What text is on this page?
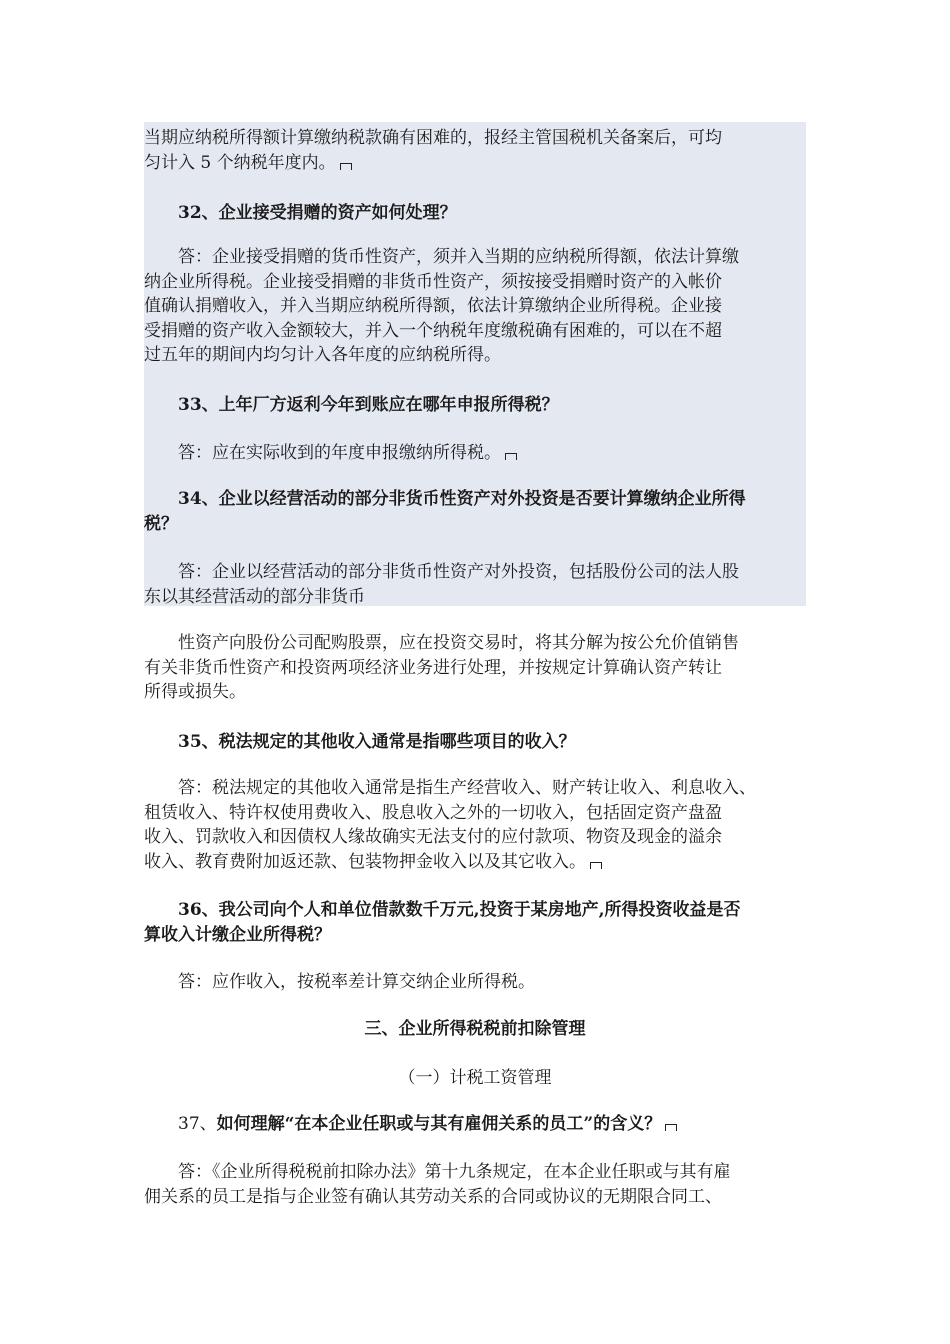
当期应纳税所得额计算缴纳税款确有困难的，报经主管国税机关备案后，可均
匀计入 5 个纳税年度内。

32、企业接受捐赠的资产如何处理？

答：企业接受捐赠的货币性资产，须并入当期的应纳税所得额，依法计算缴
纳企业所得税。企业接受捐赠的非货币性资产，须按接受捐赠时资产的入帐价
值确认捐赠收入，并入当期应纳税所得额，依法计算缴纳企业所得税。企业接
受捐赠的资产收入金额较大，并入一个纳税年度缴税确有困难的，可以在不超
过五年的期间内均匀计入各年度的应纳税所得。

33、上年厂方返利今年到账应在哪年申报所得税？

答：应在实际收到的年度申报缴纳所得税。

34、企业以经营活动的部分非货币性资产对外投资是否要计算缴纳企业所得
税？

答：企业以经营活动的部分非货币性资产对外投资，包括股份公司的法人股
东以其经营活动的部分非货币

性资产向股份公司配购股票，应在投资交易时，将其分解为按公允价值销售
有关非货币性资产和投资两项经济业务进行处理，并按规定计算确认资产转让
所得或损失。

35、税法规定的其他收入通常是指哪些项目的收入？

答：税法规定的其他收入通常是指生产经营收入、财产转让收入、利息收入、
租赁收入、特许权使用费收入、股息收入之外的一切收入，包括固定资产盘盈
收入、罚款收入和因债权人缘故确实无法支付的应付款项、物资及现金的溢余
收入、教育费附加返还款、包装物押金收入以及其它收入。

36、我公司向个人和单位借款数千万元,投资于某房地产,所得投资收益是否
算收入计缴企业所得税？

答：应作收入，按税率差计算交纳企业所得税。

三、企业所得税税前扣除管理

（一）计税工资管理

37、如何理解“在本企业任职或与其有雇佣关系的员工”的含义？

答：《企业所得税税前扣除办法》第十九条规定，在本企业任职或与其有雇
佣关系的员工是指与企业签有确认其劳动关系的合同或协议的无期限合同工、
